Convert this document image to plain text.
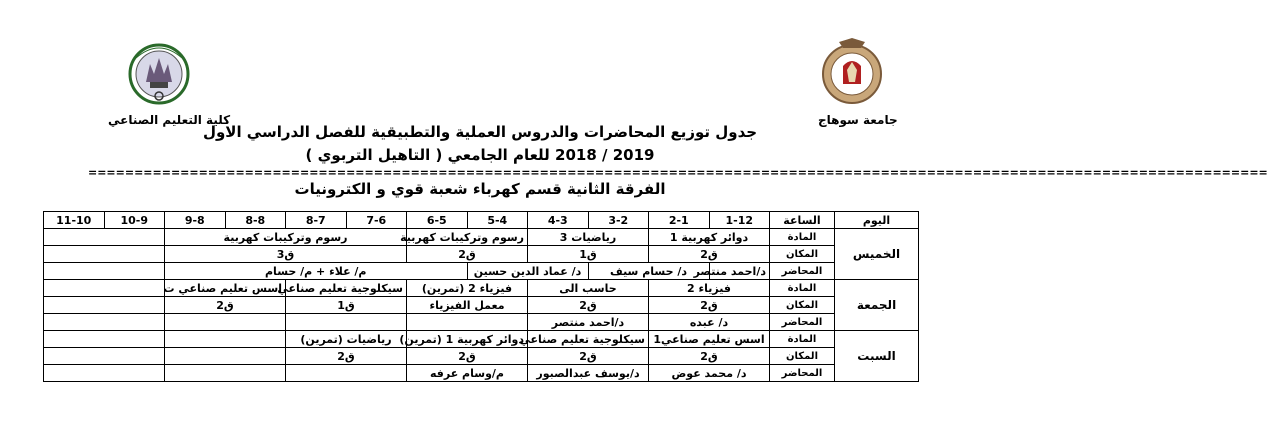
كلية التعليم الصناعي	جامعة سوهاج
جدول توزيع المحاضرات والدروس العملية والتطبيقية للفصل الدراسي الاول
2019 / 2018 للعام الجامعي ( التاهيل التربوي )
================================================================================================================================
الفرقة الثانية قسم كهرباء شعبة قوي و الكترونيات
اليوم	الساعة	1-12	2-1	3-2	4-3	5-4	6-5	7-6	8-7	8-8	9-8	10-9	11-10
الخميس	المادة	دوائر كهربية 1		رياضيات 3		رسوم وتركيبات كهربية		رسوم وتركيبات كهربية					
	المكان	ق2		ق1		ق2		ق3					
	المحاضر	د/احمد منتصر	د/ حسام سيف		د/ عماد الدين حسين		م/ علاء + م/ حسام						
الجمعة	المادة	فيزياء 2		حاسب الى		فيزياء 2 (تمرين)		سيكلوجية تعليم صناعي		اسس تعليم صناعي ت			
	المكان	ق2		ق2		معمل الفيزياء		ق1		ق2			
	المحاضر	د/ عبده		د/احمد منتصر									
السبت	المادة	اسس تعليم صناعي1		سيكلوجية تعليم صناعي		دوائر كهربية 1 (تمرين)		رياضيات (تمرين)					
	المكان	ق2		ق2		ق2		ق2					
	المحاضر	د/ محمد عوض		د/يوسف عبدالصبور		م/وسام عرفه							
